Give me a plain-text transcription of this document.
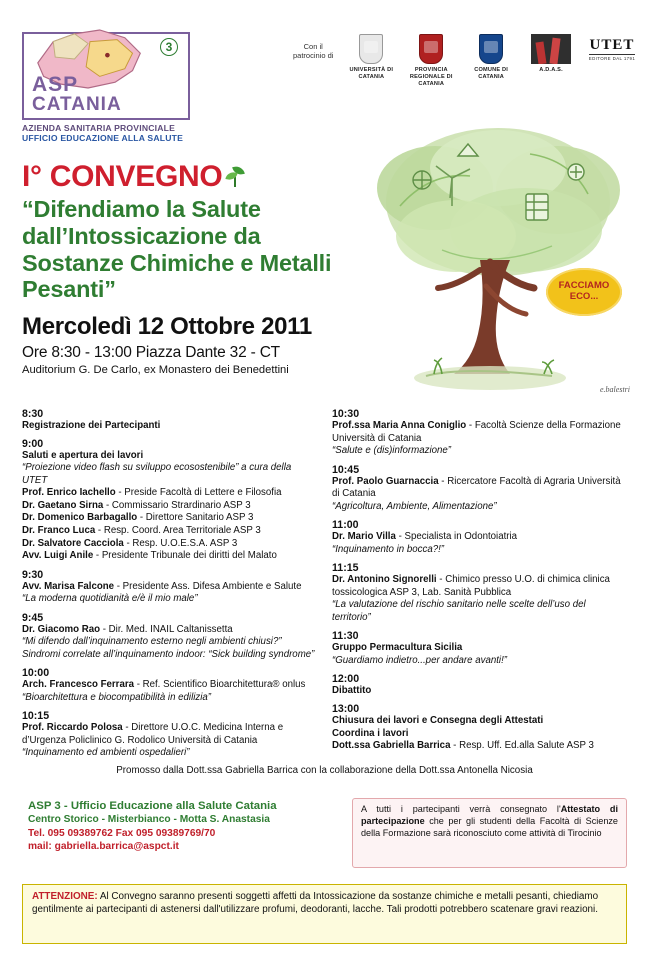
Con il patrocinio di
UNIVERSITÀ DI CATANIA
PROVINCIA REGIONALE DI CATANIA
COMUNE DI CATANIA
A.D.A.S.
UTET
EDITORE DAL 1791
3
ASP
CATANIA
AZIENDA SANITARIA PROVINCIALE
UFFICIO EDUCAZIONE ALLA SALUTE
FACCIAMO ECO...
e.balestri
I° CONVEGNO
“Difendiamo la Salute dall’Intossicazione da Sostanze Chimiche e Metalli Pesanti”
Mercoledì 12 Ottobre 2011
Ore 8:30 - 13:00 Piazza Dante 32 - CT
Auditorium G. De Carlo, ex Monastero dei Benedettini
8:30
Registrazione dei Partecipanti
9:00
Saluti e apertura dei lavori
“Proiezione video flash su sviluppo ecosostenibile” a cura della UTET
Prof. Enrico Iachello - Preside Facoltà di Lettere e Filosofia
Dr. Gaetano Sirna - Commissario Strardinario ASP 3
Dr. Domenico Barbagallo - Direttore Sanitario ASP 3
Dr. Franco Luca - Resp. Coord. Area Territoriale ASP 3
Dr. Salvatore Cacciola - Resp. U.O.E.S.A. ASP 3
Avv. Luigi Anile - Presidente Tribunale dei diritti del Malato
9:30
Avv. Marisa Falcone - Presidente Ass. Difesa Ambiente e Salute
“La moderna quotidianità e/è il mio male”
9:45
Dr. Giacomo Rao - Dir. Med. INAIL Caltanissetta
“Mi difendo dall’inquinamento esterno negli ambienti chiusi?”
Sindromi correlate all’inquinamento indoor: “Sick building syndrome”
10:00
Arch. Francesco Ferrara - Ref. Scientifico Bioarchitettura® onlus
“Bioarchitettura e biocompatibilità in edilizia”
10:15
Prof. Riccardo Polosa - Direttore U.O.C. Medicina Interna e d’Urgenza Policlinico G. Rodolico Università di Catania
“Inquinamento ed ambienti ospedalieri”
10:30
Prof.ssa Maria Anna Coniglio - Facoltà Scienze della Formazione Università di Catania
“Salute e (dis)informazione”
10:45
Prof. Paolo Guarnaccia - Ricercatore Facoltà di Agraria Università di Catania
“Agricoltura, Ambiente, Alimentazione”
11:00
Dr. Mario Villa - Specialista in Odontoiatria
“Inquinamento in bocca?!”
11:15
Dr. Antonino Signorelli - Chimico presso U.O. di chimica clinica tossicologica ASP 3, Lab. Sanità Pubblica
“La valutazione del rischio sanitario nelle scelte dell’uso del territorio”
11:30
Gruppo Permacultura Sicilia
“Guardiamo indietro...per andare avanti!”
12:00
Dibattito
13:00
Chiusura dei lavori e Consegna degli Attestati
Coordina i lavori
Dott.ssa Gabriella Barrica - Resp. Uff. Ed.alla Salute ASP 3
Promosso dalla Dott.ssa Gabriella Barrica con la collaborazione della Dott.ssa Antonella Nicosia
ASP 3 - Ufficio Educazione alla Salute Catania
Centro Storico - Misterbianco - Motta S. Anastasia
Tel. 095 09389762 Fax 095 09389769/70
mail: gabriella.barrica@aspct.it
A tutti i partecipanti verrà consegnato l'Attestato di partecipazione che per gli studenti della Facoltà di Scienze della Formazione sarà riconosciuto come attività di Tirocinio
ATTENZIONE: Al Convegno saranno presenti soggetti affetti da Intossicazione da sostanze chimiche e metalli pesanti, chiediamo gentilmente ai partecipanti di astenersi dall'utilizzare profumi, deodoranti, lacche. Tali prodotti potrebbero scatenare gravi reazioni.
